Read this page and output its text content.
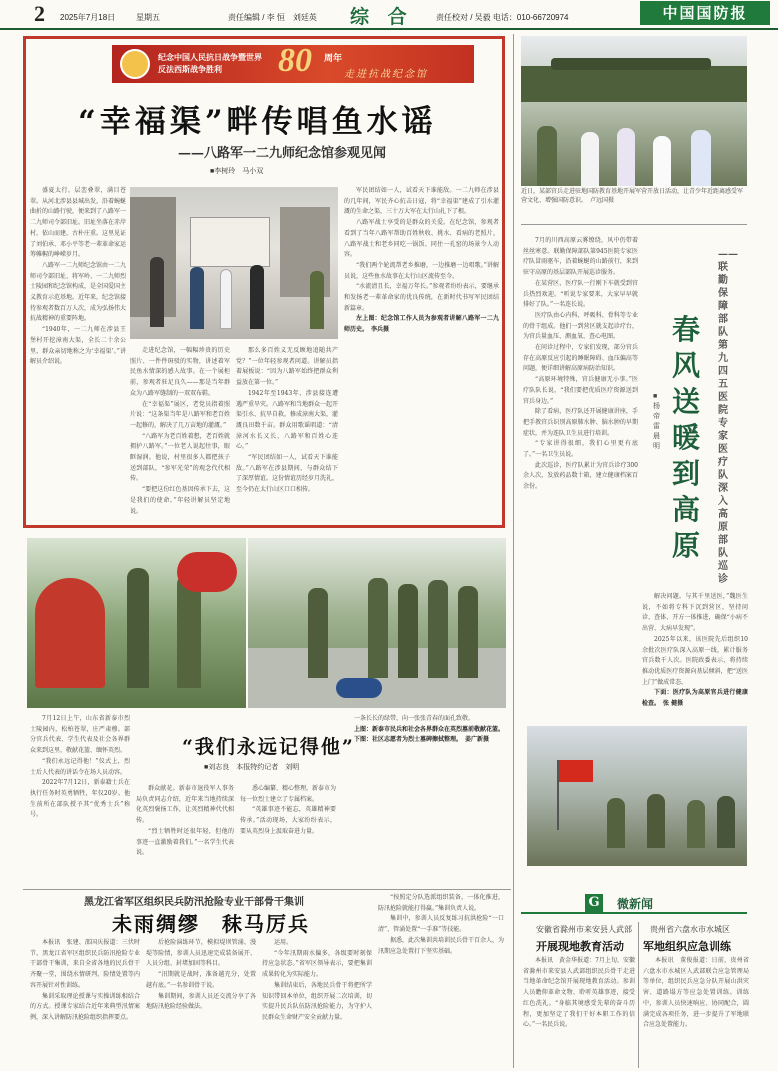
2 2025年7月18日	星期五	责任编辑 / 李 恒　刘廷英 综 合	责任校对 / 吴毅 电话：010-66720974	中国国防报
纪念中国人民抗日战争暨世界反法西斯战争胜利	80 周年
走进抗战纪念馆
“幸福渠”畔传唱鱼水谣
——八路军一二九师纪念馆参观见闻
■李树玲　马小双
盛夏太行，层峦叠翠，满目苍翠。从河北涉县县城出发，沿着蜿蜒曲折的山路行驶，便来到了八路军一二九师司令部旧址。旧址坐落在赤岸村，依山而建，古朴庄重。这里见证了刘伯承、邓小平等老一辈革命家运筹帷幄的峥嵘岁月。
八路军一二九师纪念馆由一二九师司令部旧址、将军岭、一二九师烈士陵园和纪念馆构成，是全国爱国主义教育示范基地。近年来，纪念馆接待参观者数百万人次，成为弘扬伟大抗战精神的重要阵地。
“1940年，一二九师在涉县王堡村开挖漳南大渠，全长二十余公里，群众亲切地称之为‘幸福渠’。”讲解员介绍说。
走进纪念馆，一幅幅珍贵的历史照片、一件件斑驳的实物，讲述着军民鱼水情深的感人故事。在一个展柜前，参观者驻足良久——那是当年群众为八路军缝制的一双双布鞋。
在“幸福渠”展区，老党员指着照片说：“这条渠当年是八路军和老百姓一起修的，解决了几万亩地的灌溉。”
“八路军为老百姓着想，老百姓就拥护八路军。”一位老人说起往事，眼眶湿润。他说，村里很多人都把孩子送到部队，“参军光荣”的观念代代相传。
“要把这份红色基因传承下去，这是我们的使命。”年轻讲解员坚定地说。
那么多百姓义无反顾地追随共产党？”一位年轻参观者问道。讲解员指着展板说：“因为八路军始终把群众利益放在第一位。”
1942年至1943年，涉县接连遭遇严重旱灾。八路军和当地群众一起开渠引水、抗旱自救，修成漳南大渠，灌溉良田数千亩。群众用歌谣唱道：“清漳河水长又长，八路军和百姓心连心。”
“军民团结如一人，试看天下谁能敌。”八路军在涉县期间，与群众结下了深厚情谊。这份情谊历经岁月洗礼，至今仍在太行山区口口相传。
军民团结如一人，试看天下谁能敌。一二九师在涉县的几年间，军民齐心抗击日寇，将“幸福渠”建成了引水灌溉的生命之渠，三十万大军在太行山扎下了根。
八路军战士享受的是群众的关爱。在纪念馆，参观者看到了当年八路军帮助百姓秋收、挑水、看病的老照片，八路军战士和老乡同吃一锅饭、同住一孔窑的场景令人动容。
“我们两个轮流帮老乡推磨，一边推磨一边唱歌。”讲解员说，这些鱼水故事在太行山区流传至今。
“水流清且长，幸福万年长。”参观者纷纷表示，要继承和发扬老一辈革命家的优良传统，在新时代书写军民团结新篇章。
左上图：纪念馆工作人员为参观者讲解八路军一二九师历史。　李兵摄
近日，某部官兵走进驻地国防教育基地开展军营开放日活动，让青少年近距离感受军营文化、增强国防意识。　卢远国摄
7月的川西高原云雾缭绕，风中仍带着丝丝寒意。联勤保障部队第945医院专家医疗队冒雨驱车，沿着蜿蜒的山路前行，来到驻守高原的基层部队开展巡诊服务。
在某营区，医疗队一行刚下车就受到官兵热烈欢迎。“听说专家要来，大家早早就排好了队。”一名连长说。
医疗队由心内科、呼吸科、骨科等专业的骨干组成。他们一到营区就支起诊疗台，为官兵量血压、测血氧、查心电图。
在问诊过程中，专家们发现，部分官兵存在高原反应引起的睡眠障碍、血压偏高等问题，便详细讲解高原病防治知识。
“高原环境特殊，官兵健康无小事。”医疗队队长说，“我们要把优质医疗资源送到官兵身边。”
除了看病，医疗队还开展健康讲座，手把手教官兵识别高原肺水肿、脑水肿的早期症状，并为连队卫生员进行培训。
“专家讲得很细，我们心里更有底了。”一名卫生员说。
此次巡诊，医疗队累计为官兵诊疗300余人次，发放药品数十箱，建立健康档案百余份。
——联勤保障部队第九四五医院专家医疗队深入高原部队巡诊
春风送暖到高原
■杨 帝 雷晨明
解决问题。与其千里送医，”魏医生说，不如将专科下沉到营区，坚持问诊、查体、开方一体推进，确保“小病不出营、大病早发现”。
2025年以来，该医院先后组织10余批次医疗队深入高原一线，累计服务官兵数千人次。医院政委表示，将持续推动优质医疗资源向基层倾斜，把“送医上门”做成常态。
下面：医疗队为高原官兵进行健康检查。　张 健摄
7月12日上午，山东省新泰市烈士陵园内，松柏苍翠，庄严肃穆。部分官兵代表、学生代表及社会各界群众来到这里，敬献花篮、缅怀英烈。
“我们永远记得他！”仪式上，烈士后人代表的讲话令在场人员动容。
2022年7月12日，新泰籍士兵在执行任务时英勇牺牲，年仅20岁。他生前所在部队授予其“优秀士兵”称号。
“我们永远记得他”
■刘志良　本报特约记者　刘明
群众献花。新泰市退役军人事务局负责同志介绍，近年来当地持续深化英烈褒扬工作，让英烈精神代代相传。
“烈士牺牲时还很年轻，但他的事迹一直激励着我们。”一名学生代表说。
悉心编纂、精心整理，新泰市为每一位烈士建立了专属档案。
“英雄事迹不能忘，英雄精神要传承。”活动现场，大家纷纷表示，要从英烈身上汲取奋进力量。
一条长长的绿带，向一张张青春的面孔致敬。
上图：新泰市民兵和社会各界群众在英烈墓前敬献花篮。
下图：社区志愿者为烈士墓碑擦拭整理。　姜广新摄
黑龙江省军区组织民兵防汛抢险专业干部骨干集训
未雨绸缪　秣马厉兵
本报讯　张建、邵国庆报道：三伏时节，黑龙江省军区组织民兵防汛抢险专业干部骨干集训，来自全省各地的民兵骨干齐聚一堂，围绕水情研判、险情处置等内容开展针对性训练。
集训采取理论授课与实操训练相结合的方式。授课专家结合近年来典型汛情案例，深入讲解防汛抢险组织指挥要点。
后抢险演练环节，模拟堤坝管涌、漫堤等险情，参训人员迅速完成装备展开、人员分组、封堵加固等科目。
“汛期就是战时，准备越充分，处置越有底。”一名参训骨干说。
集训期间，参训人员还交流分享了各地防汛抢险经验做法。
运用。
“今年汛期雨水偏多，各级要时刻保持应急状态。”省军区领导表示，要把集训成果转化为实际能力。
集训结束后，各地民兵骨干将把所学知识带回本单位，组织开展二次培训，切实提升民兵队伍防汛抢险能力，为守护人民群众生命财产安全贡献力量。
“按照定分队选派组织装备，一体化推进，防汛抢险就能打得赢。”集训负责人说。
集训中，参训人员反复练习抗洪抢险“一口清”、管涌处置“一手准”等技能。
据悉，此次集训共培训民兵骨干百余人，为汛期应急处置打下坚实基础。
G 微新闻
安徽省滁州市来安县人武部
开展现地教育活动
本报讯　黄金华报道：7月上旬，安徽省滁州市来安县人武部组织民兵骨干走进当地革命纪念馆开展现地教育活动。参训人员瞻仰革命文物、聆听英雄事迹，接受红色洗礼。“身临其境感受先辈的奋斗历程，更加坚定了我们干好本职工作的信心。”一名民兵说。
贵州省六盘水市水城区
军地组织应急训练
本报讯　董俊报道：日前，贵州省六盘水市水城区人武部联合应急管理局等单位，组织民兵应急分队开展山洪灾害、道路塌方等应急处置训练。训练中，参训人员快速响应、协同配合，圆满完成各项任务，进一步提升了军地联合应急处置能力。
